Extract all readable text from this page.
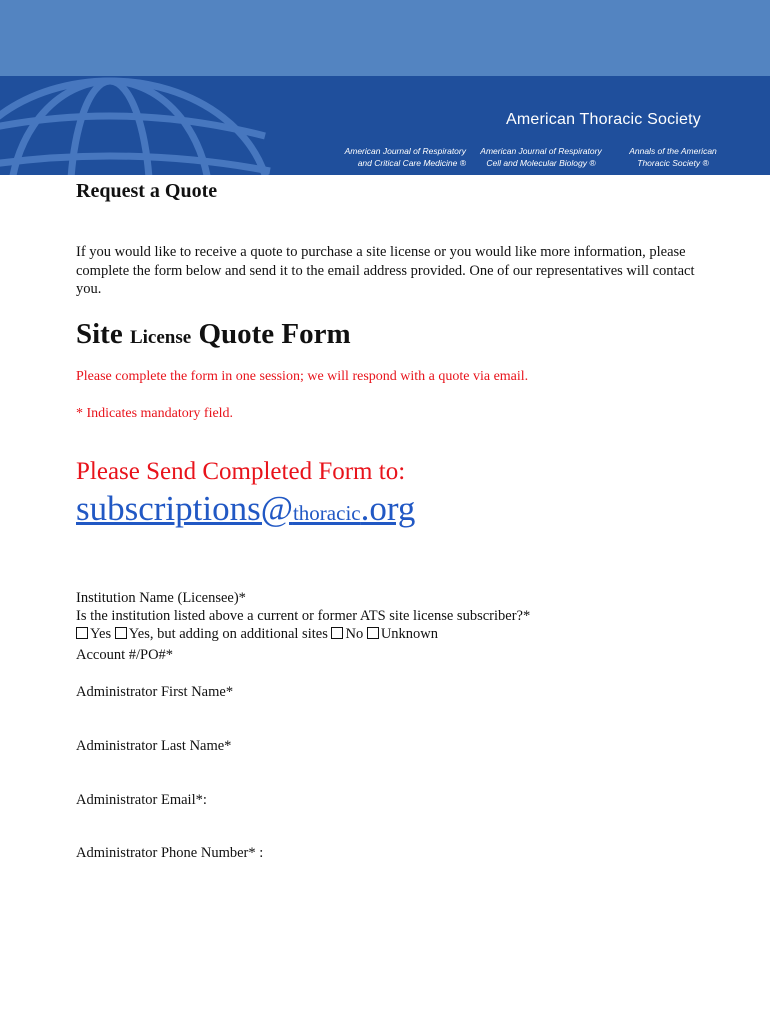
American Thoracic Society
American Journal of Respiratory
and Critical Care Medicine ®
American Journal of Respiratory
Cell and Molecular Biology ®
Annals of the American
Thoracic Society ®
Request a Quote

If you would like to receive a quote to purchase a site license or you would like more information, please complete the form below and send it to the email address provided. One of our representatives will contact you.

Site License Quote Form

Please complete the form in one session; we will respond with a quote via email.

* Indicates mandatory field.

Please Send Completed Form to:

subscriptions@thoracic.org

Institution Name (Licensee)*

Is the institution listed above a current or former ATS site license subscriber?*

Yes Yes, but adding on additional sites No Unknown

Account #/PO#*

Administrator First Name*

Administrator Last Name*

Administrator Email*:

Administrator Phone Number* :
